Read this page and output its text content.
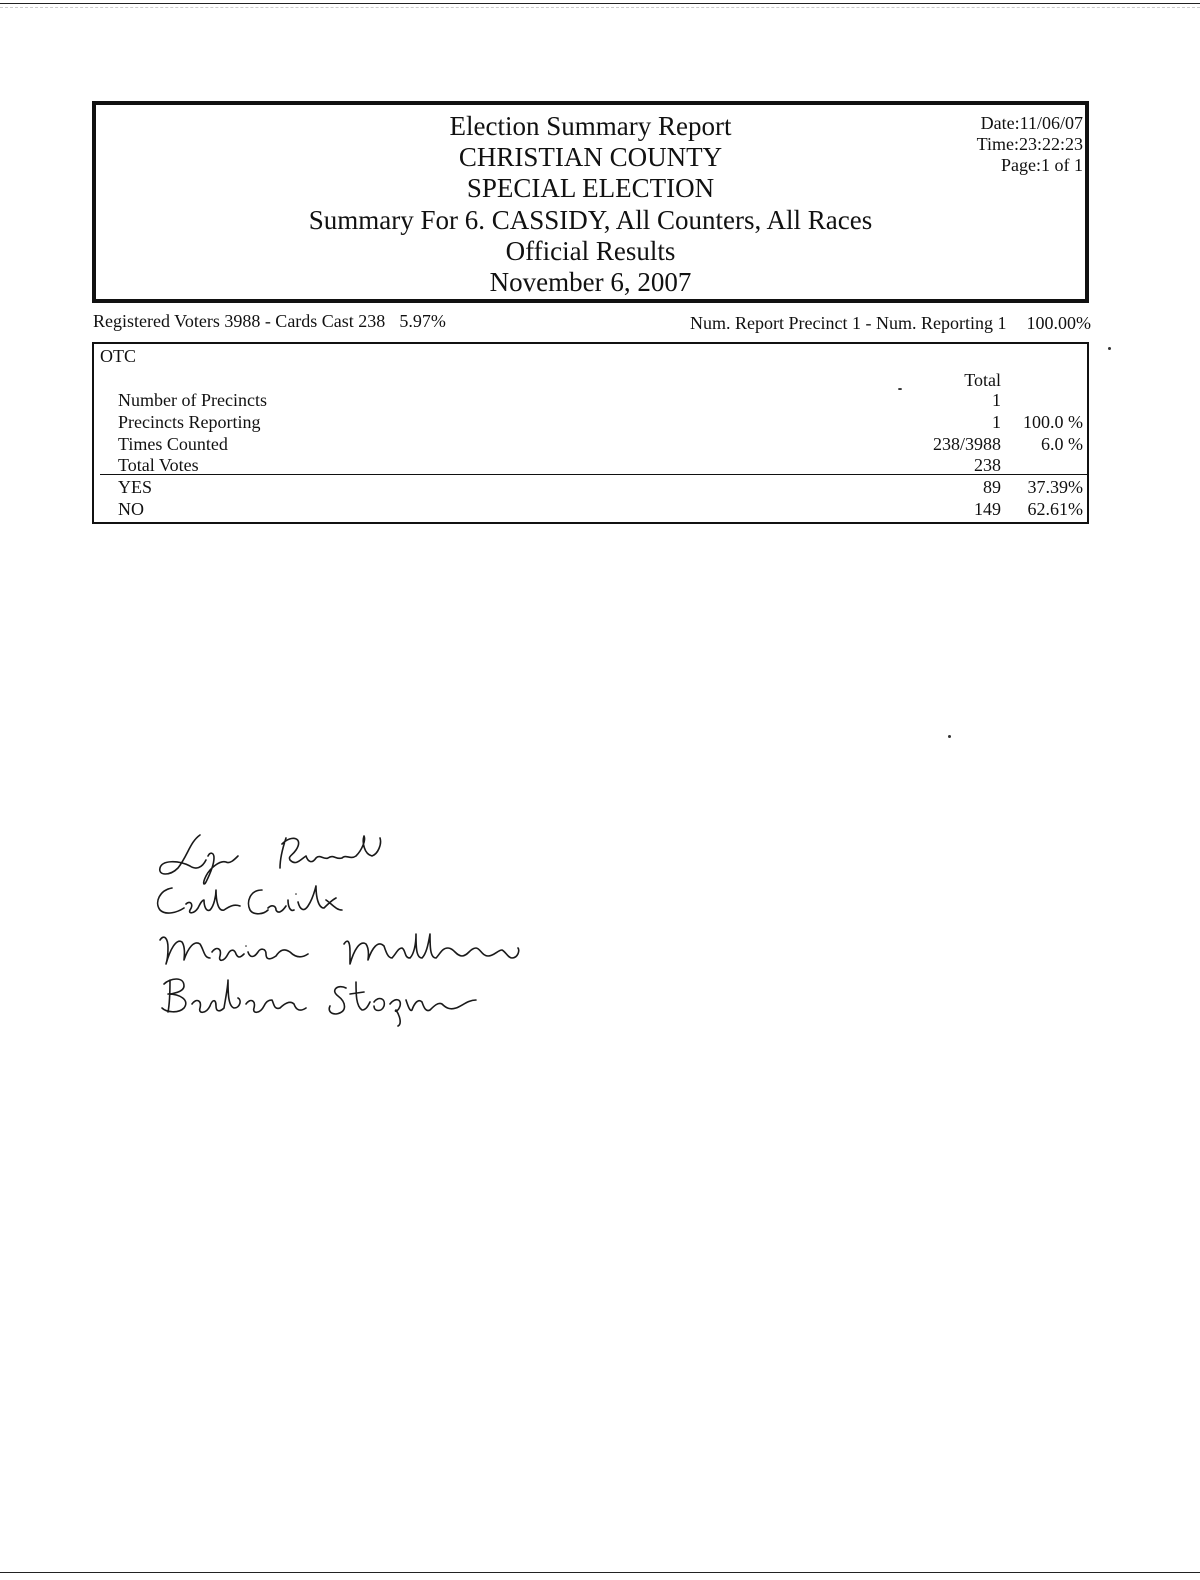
Election Summary Report
CHRISTIAN COUNTY
SPECIAL ELECTION
Summary For 6. CASSIDY, All Counters, All Races
Official Results
November 6, 2007
Date:11/06/07
Time:23:22:23
Page:1 of 1
Registered Voters 3988 - Cards Cast 238 5.97%	Num. Report Precinct 1 - Num. Reporting 1 100.00%
OTC
Total
Number of Precincts	1
Precincts Reporting	1 100.0 %
Times Counted	238/3988 6.0 %
Total Votes	238
YES	89 37.39%
NO	149 62.61%
